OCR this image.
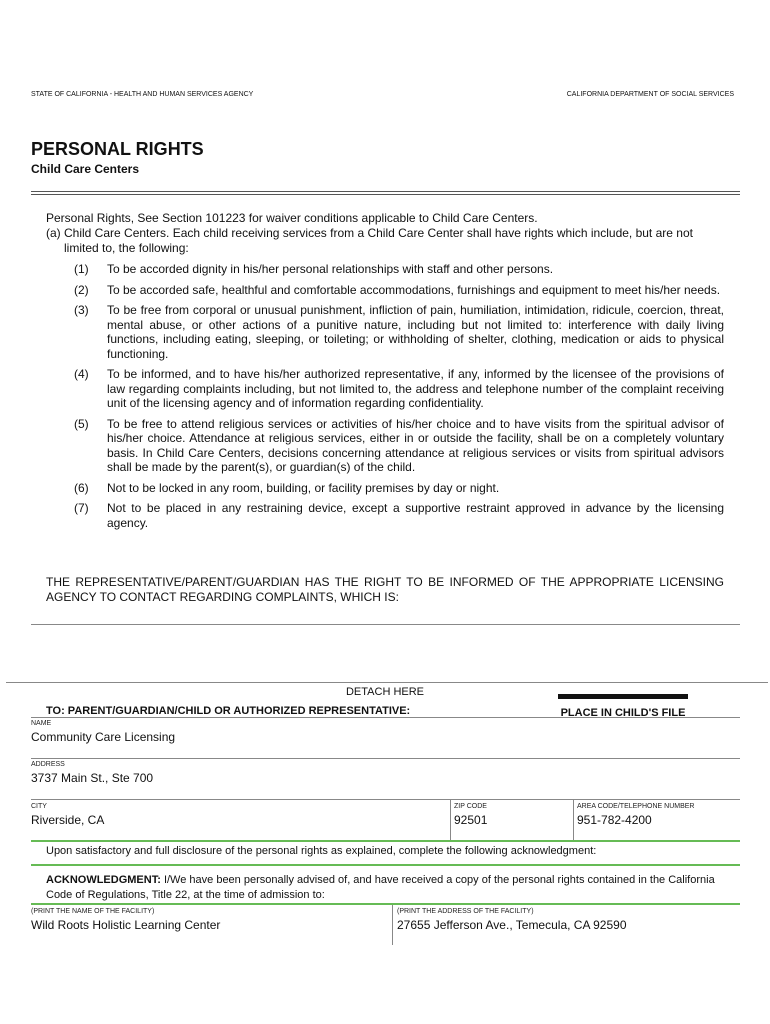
STATE OF CALIFORNIA - HEALTH AND HUMAN SERVICES AGENCY	CALIFORNIA DEPARTMENT OF SOCIAL SERVICES
PERSONAL RIGHTS
Child Care Centers
Personal Rights, See Section 101223 for waiver conditions applicable to Child Care Centers.
(a) Child Care Centers. Each child receiving services from a Child Care Center shall have rights which include, but are not limited to, the following:
(1)	To be accorded dignity in his/her personal relationships with staff and other persons.
(2)	To be accorded safe, healthful and comfortable accommodations, furnishings and equipment to meet his/her needs.
(3)	To be free from corporal or unusual punishment, infliction of pain, humiliation, intimidation, ridicule, coercion, threat, mental abuse, or other actions of a punitive nature, including but not limited to: interference with daily living functions, including eating, sleeping, or toileting; or withholding of shelter, clothing, medication or aids to physical functioning.
(4)	To be informed, and to have his/her authorized representative, if any, informed by the licensee of the provisions of law regarding complaints including, but not limited to, the address and telephone number of the complaint receiving unit of the licensing agency and of information regarding confidentiality.
(5)	To be free to attend religious services or activities of his/her choice and to have visits from the spiritual advisor of his/her choice. Attendance at religious services, either in or outside the facility, shall be on a completely voluntary basis. In Child Care Centers, decisions concerning attendance at religious services or visits from spiritual advisors shall be made by the parent(s), or guardian(s) of the child.
(6)	Not to be locked in any room, building, or facility premises by day or night.
(7)	Not to be placed in any restraining device, except a supportive restraint approved in advance by the licensing agency.
THE REPRESENTATIVE/PARENT/GUARDIAN HAS THE RIGHT TO BE INFORMED OF THE APPROPRIATE LICENSING AGENCY TO CONTACT REGARDING COMPLAINTS, WHICH IS:
DETACH HERE
TO: PARENT/GUARDIAN/CHILD OR AUTHORIZED REPRESENTATIVE:	PLACE IN CHILD'S FILE
NAME
Community Care Licensing
ADDRESS
3737 Main St., Ste 700
CITY
Riverside, CA
ZIP CODE
92501
AREA CODE/TELEPHONE NUMBER
951-782-4200
Upon satisfactory and full disclosure of the personal rights as explained, complete the following acknowledgment:
ACKNOWLEDGMENT: I/We have been personally advised of, and have received a copy of the personal rights contained in the California Code of Regulations, Title 22, at the time of admission to:
(PRINT THE NAME OF THE FACILITY)
Wild Roots Holistic Learning Center
(PRINT THE ADDRESS OF THE FACILITY)
27655 Jefferson Ave., Temecula, CA 92590
